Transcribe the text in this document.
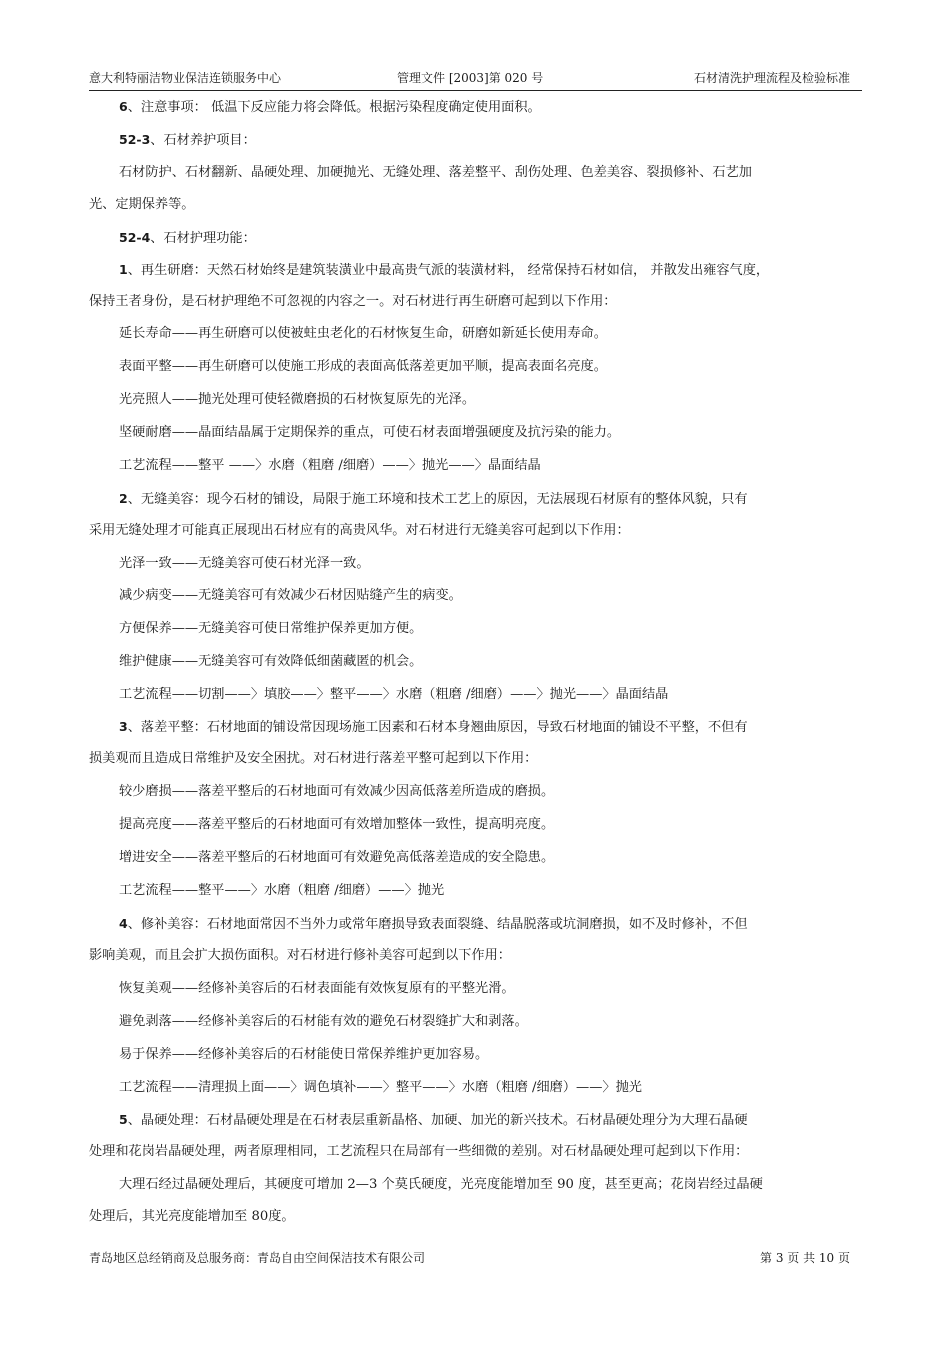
意大利特丽洁物业保洁连锁服务中心	管理文件 [2003]第 020 号	石材清洗护理流程及检验标准
6、注意事项： 低温下反应能力将会降低。根据污染程度确定使用面积。
52-3、石材养护项目：
石材防护、石材翻新、晶硬处理、加硬抛光、无缝处理、落差整平、刮伤处理、色差美容、裂损修补、石艺加
光、定期保养等。
52-4、石材护理功能：
1、再生研磨：天然石材始终是建筑装潢业中最高贵气派的装潢材料， 经常保持石材如信， 并散发出雍容气度，
保持王者身份，是石材护理绝不可忽视的内容之一。对石材进行再生研磨可起到以下作用：
延长寿命——再生研磨可以使被蛀虫老化的石材恢复生命，研磨如新延长使用寿命。
表面平整——再生研磨可以使施工形成的表面高低落差更加平顺，提高表面名亮度。
光亮照人——抛光处理可使轻微磨损的石材恢复原先的光泽。
坚硬耐磨——晶面结晶属于定期保养的重点，可使石材表面增强硬度及抗污染的能力。
工艺流程——整平 ——〉水磨（粗磨 /细磨）——〉抛光——〉晶面结晶
2、无缝美容：现今石材的铺设，局限于施工环境和技术工艺上的原因，无法展现石材原有的整体风貌，只有
采用无缝处理才可能真正展现出石材应有的高贵风华。对石材进行无缝美容可起到以下作用：
光泽一致——无缝美容可使石材光泽一致。
减少病变——无缝美容可有效减少石材因贴缝产生的病变。
方便保养——无缝美容可使日常维护保养更加方便。
维护健康——无缝美容可有效降低细菌藏匿的机会。
工艺流程——切割——〉填胶——〉整平——〉水磨（粗磨 /细磨）——〉抛光——〉晶面结晶
3、落差平整：石材地面的铺设常因现场施工因素和石材本身翘曲原因，导致石材地面的铺设不平整，不但有
损美观而且造成日常维护及安全困扰。对石材进行落差平整可起到以下作用：
较少磨损——落差平整后的石材地面可有效减少因高低落差所造成的磨损。
提高亮度——落差平整后的石材地面可有效增加整体一致性，提高明亮度。
增进安全——落差平整后的石材地面可有效避免高低落差造成的安全隐患。
工艺流程——整平——〉水磨（粗磨 /细磨）——〉抛光
4、修补美容：石材地面常因不当外力或常年磨损导致表面裂缝、结晶脱落或坑洞磨损，如不及时修补，不但
影响美观，而且会扩大损伤面积。对石材进行修补美容可起到以下作用：
恢复美观——经修补美容后的石材表面能有效恢复原有的平整光滑。
避免剥落——经修补美容后的石材能有效的避免石材裂缝扩大和剥落。
易于保养——经修补美容后的石材能使日常保养维护更加容易。
工艺流程——清理损上面——〉调色填补——〉整平——〉水磨（粗磨 /细磨）——〉抛光
5、晶硬处理：石材晶硬处理是在石材表层重新晶格、加硬、加光的新兴技术。石材晶硬处理分为大理石晶硬
处理和花岗岩晶硬处理，两者原理相同，工艺流程只在局部有一些细微的差别。对石材晶硬处理可起到以下作用：
大理石经过晶硬处理后，其硬度可增加 2—3 个莫氏硬度，光亮度能增加至 90 度，甚至更高；花岗岩经过晶硬
处理后，其光亮度能增加至 80度。
青岛地区总经销商及总服务商：青岛自由空间保洁技术有限公司	第 3 页 共 10 页
